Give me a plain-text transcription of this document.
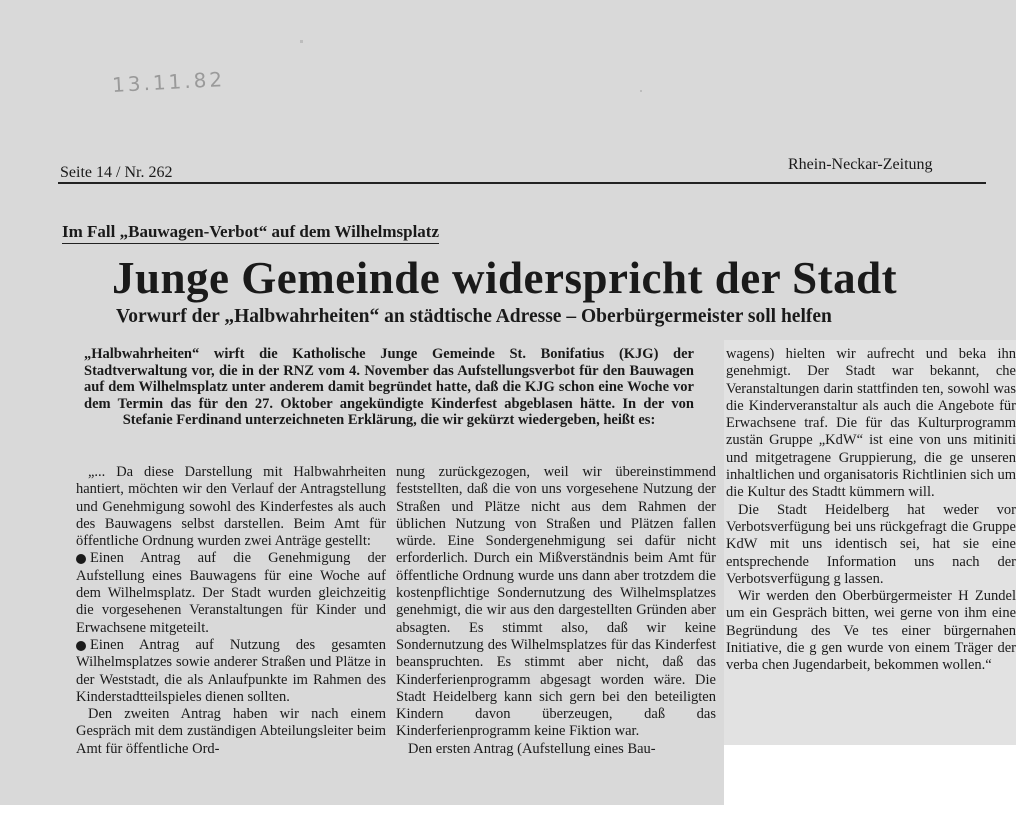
13.11.82
Seite 14 / Nr. 262	Rhein-Neckar-Zeitung
Im Fall „Bauwagen-Verbot“ auf dem Wilhelmsplatz
Junge Gemeinde widerspricht der Stadt
Vorwurf der „Halbwahrheiten“ an städtische Adresse – Oberbürgermeister soll helfen

„Halbwahrheiten“ wirft die Katholische Junge Gemeinde St. Bonifatius (KJG) der Stadtverwaltung vor, die in der RNZ vom 4. November das Aufstellungsverbot für den Bauwagen auf dem Wilhelmsplatz unter anderem damit begründet hatte, daß die KJG schon eine Woche vor dem Termin das für den 27. Oktober angekündigte Kinderfest abgeblasen hätte. In der von Stefanie Ferdinand unterzeichneten Erklärung, die wir gekürzt wiedergeben, heißt es:

„... Da diese Darstellung mit Halbwahrheiten hantiert, möchten wir den Verlauf der Antragstellung und Genehmigung sowohl des Kinderfestes als auch des Bauwagens selbst darstellen. Beim Amt für öffentliche Ordnung wurden zwei Anträge gestellt:

Einen Antrag auf die Genehmigung der Aufstellung eines Bauwagens für eine Woche auf dem Wilhelmsplatz. Der Stadt wurden gleichzeitig die vorgesehenen Veranstaltungen für Kinder und Erwachsene mitgeteilt.

Einen Antrag auf Nutzung des gesamten Wilhelmsplatzes sowie anderer Straßen und Plätze in der Weststadt, die als Anlaufpunkte im Rahmen des Kinderstadtteilspieles dienen sollten.

Den zweiten Antrag haben wir nach einem Gespräch mit dem zuständigen Abteilungsleiter beim Amt für öffentliche Ord-

nung zurückgezogen, weil wir übereinstimmend feststellten, daß die von uns vorgesehene Nutzung der Straßen und Plätze nicht aus dem Rahmen der üblichen Nutzung von Straßen und Plätzen fallen würde. Eine Sondergenehmigung sei dafür nicht erforderlich. Durch ein Mißverständnis beim Amt für öffentliche Ordnung wurde uns dann aber trotzdem die kostenpflichtige Sondernutzung des Wilhelmsplatzes genehmigt, die wir aus den dargestellten Gründen aber absagten. Es stimmt also, daß wir keine Sondernutzung des Wilhelmsplatzes für das Kinderfest beanspruchten. Es stimmt aber nicht, daß das Kinderferienprogramm abgesagt worden wäre. Die Stadt Heidelberg kann sich gern bei den beteiligten Kindern davon überzeugen, daß das Kinderferienprogramm keine Fiktion war.

Den ersten Antrag (Aufstellung eines Bau-

wagens) hielten wir aufrecht und beka ihn genehmigt. Der Stadt war bekannt, che Veranstaltungen darin stattfinden ten, sowohl was die Kinderveranstaltur als auch die Angebote für Erwachsene traf. Die für das Kulturprogramm zustän Gruppe „KdW“ ist eine von uns mitiniti und mitgetragene Gruppierung, die ge unseren inhaltlichen und organisatoris Richtlinien sich um die Kultur des Stadtt kümmern will.

Die Stadt Heidelberg hat weder vor Verbotsverfügung bei uns rückgefragt die Gruppe KdW mit uns identisch sei, hat sie eine entsprechende Information uns nach der Verbotsverfügung g lassen.

Wir werden den Oberbürgermeister H Zundel um ein Gespräch bitten, wei gerne von ihm eine Begründung des Ve tes einer bürgernahen Initiative, die g gen wurde von einem Träger der verba chen Jugendarbeit, bekommen wollen.“
